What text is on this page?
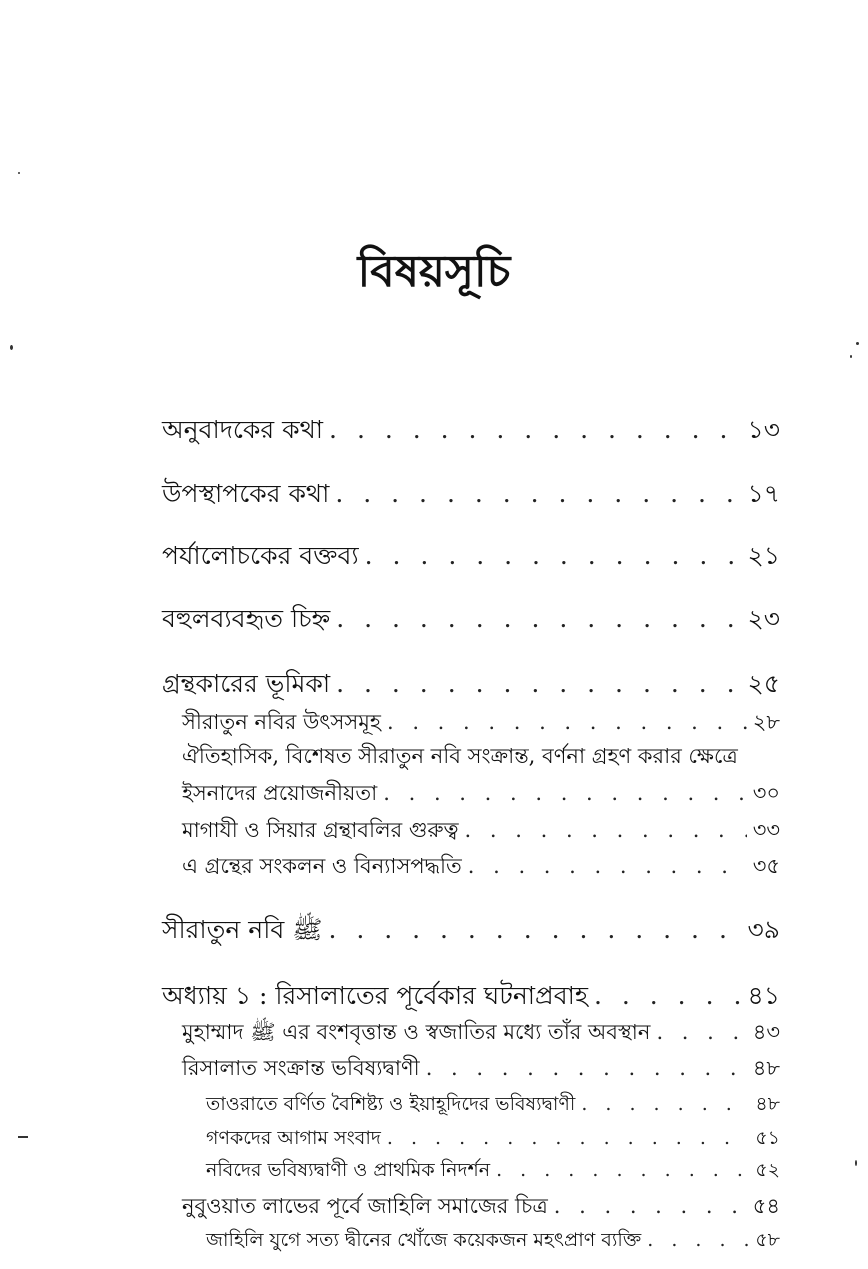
বিষয়সূচি
অনুবাদকের কথা . . .	১৩
উপস্থাপকের কথা . . .	১৭
পর্যালোচকের বক্তব্য . . .	২১
বহুলব্যবহৃত চিহ্ন . . .	২৩
গ্রন্থকারের ভূমিকা . . .	২৫
সীরাতুন নবির উৎসসমূহ . . .	২৮
ঐতিহাসিক, বিশেষত সীরাতুন নবি সংক্রান্ত, বর্ণনা গ্রহণ করার ক্ষেত্রে
ইসনাদের প্রয়োজনীয়তা . . .	৩০
মাগাযী ও সিয়ার গ্রন্থাবলির গুরুত্ব . . .	৩৩
এ গ্রন্থের সংকলন ও বিন্যাসপদ্ধতি . . .	৩৫
সীরাতুন নবি ﷺ . . .	৩৯
অধ্যায় ১ : রিসালাতের পূর্বেকার ঘটনাপ্রবাহ . . .	৪১
মুহাম্মাদ ﷺ এর বংশবৃত্তান্ত ও স্বজাতির মধ্যে তাঁর অবস্থান . . .	৪৩
রিসালাত সংক্রান্ত ভবিষ্যদ্বাণী . . .	৪৮
তাওরাতে বর্ণিত বৈশিষ্ট্য ও ইয়াহূদিদের ভবিষ্যদ্বাণী . . .	৪৮
গণকদের আগাম সংবাদ . . .	৫১
নবিদের ভবিষ্যদ্বাণী ও প্রাথমিক নিদর্শন . . .	৫২
নুবুওয়াত লাভের পূর্বে জাহিলি সমাজের চিত্র . . .	৫৪
জাহিলি যুগে সত্য দ্বীনের খোঁজে কয়েকজন মহৎপ্রাণ ব্যক্তি . . .	৫৮
